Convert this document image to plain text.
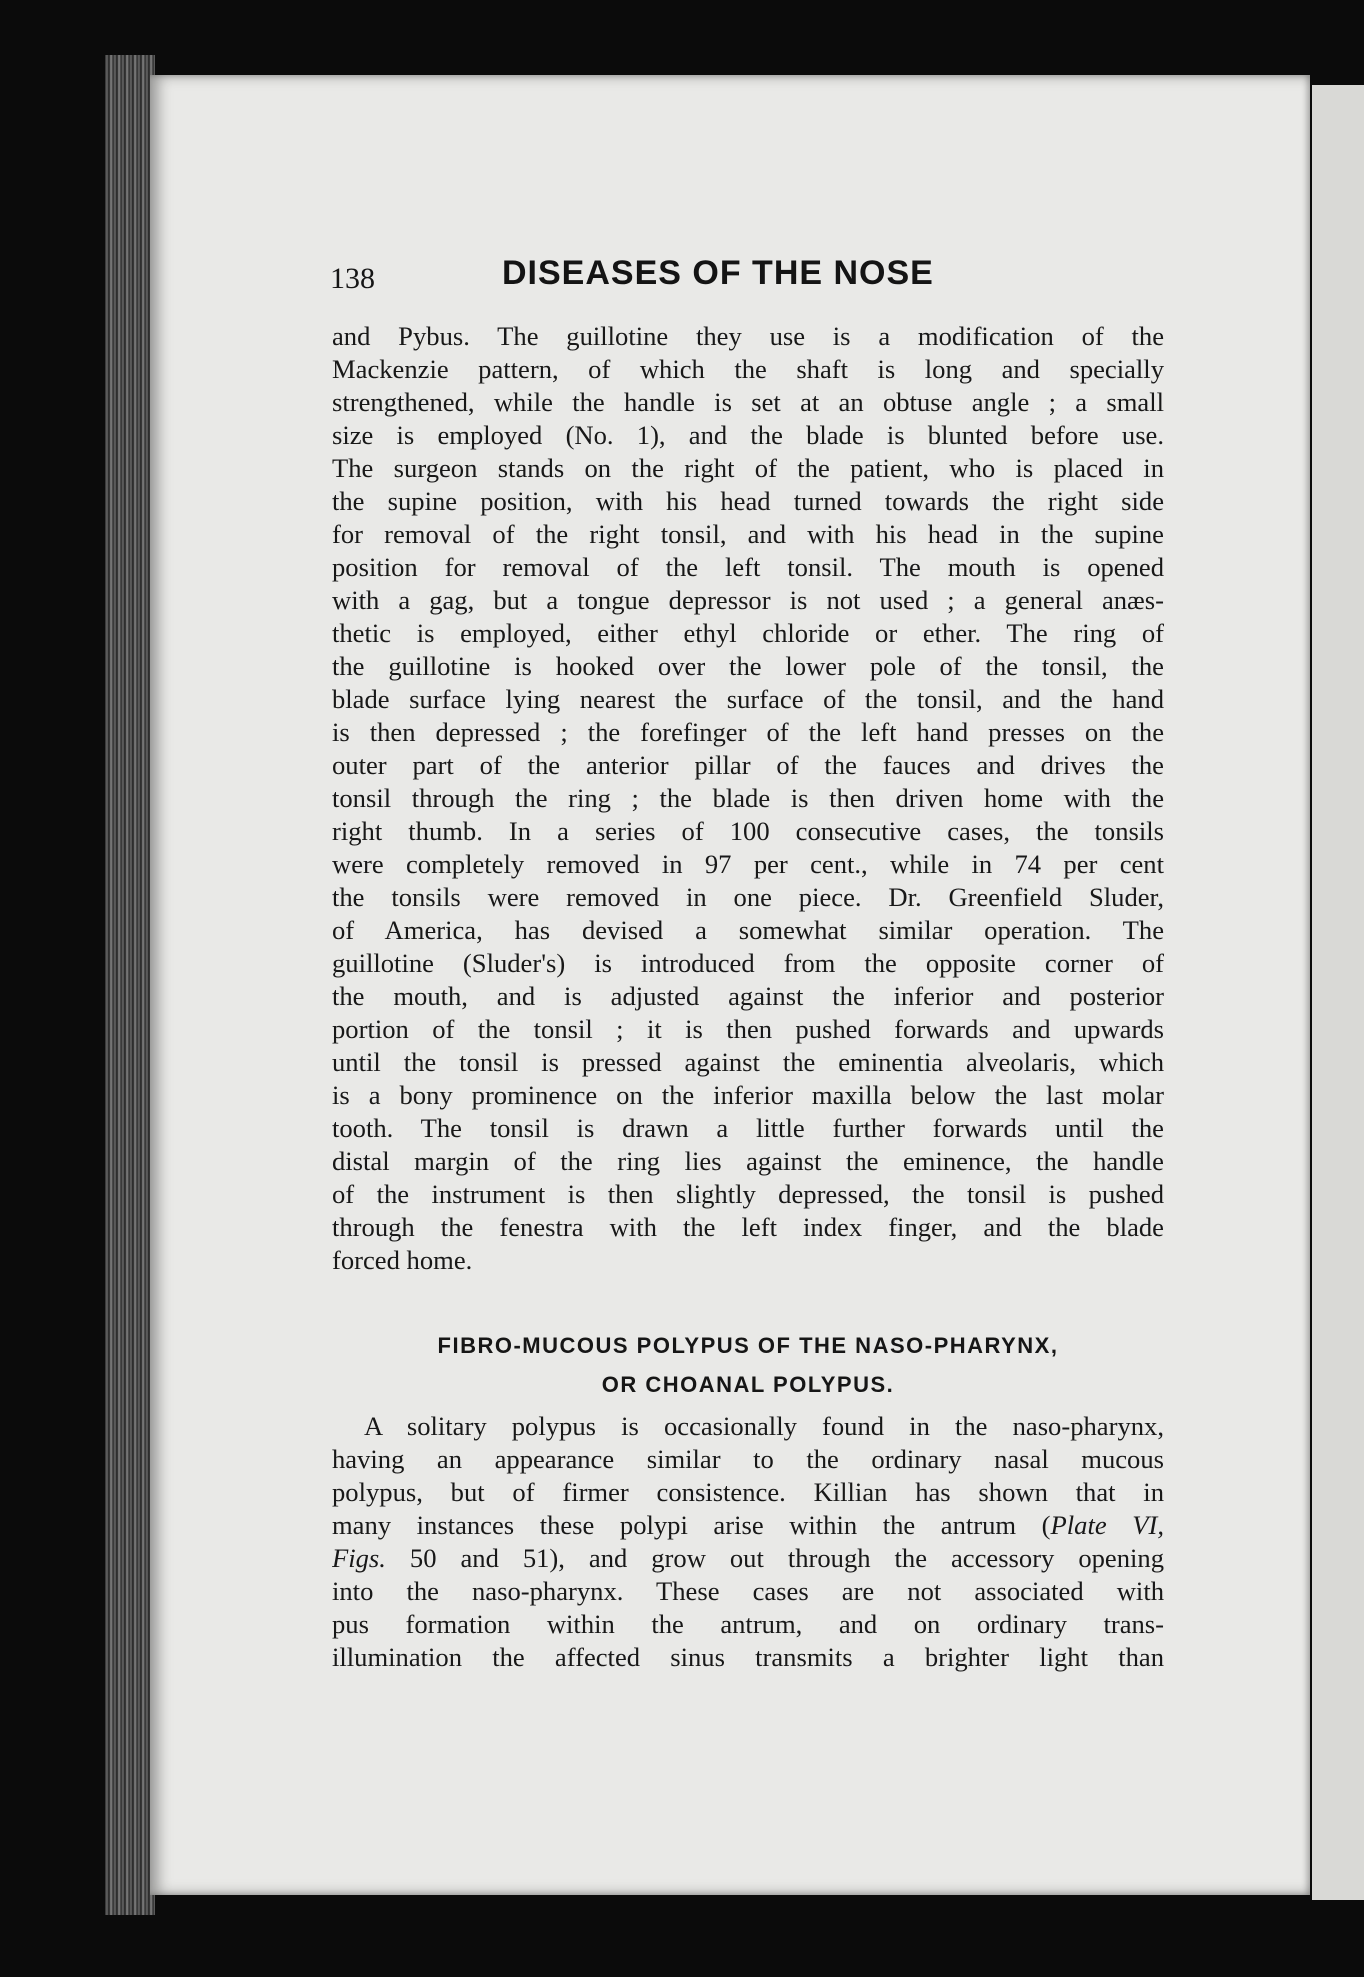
138	DISEASES OF THE NOSE
and Pybus. The guillotine they use is a modification of the
Mackenzie pattern, of which the shaft is long and specially
strengthened, while the handle is set at an obtuse angle ; a small
size is employed (No. 1), and the blade is blunted before use.
The surgeon stands on the right of the patient, who is placed in
the supine position, with his head turned towards the right side
for removal of the right tonsil, and with his head in the supine
position for removal of the left tonsil. The mouth is opened
with a gag, but a tongue depressor is not used ; a general anæs-
thetic is employed, either ethyl chloride or ether. The ring of
the guillotine is hooked over the lower pole of the tonsil, the
blade surface lying nearest the surface of the tonsil, and the hand
is then depressed ; the forefinger of the left hand presses on the
outer part of the anterior pillar of the fauces and drives the
tonsil through the ring ; the blade is then driven home with the
right thumb. In a series of 100 consecutive cases, the tonsils
were completely removed in 97 per cent., while in 74 per cent
the tonsils were removed in one piece. Dr. Greenfield Sluder,
of America, has devised a somewhat similar operation. The
guillotine (Sluder's) is introduced from the opposite corner of
the mouth, and is adjusted against the inferior and posterior
portion of the tonsil ; it is then pushed forwards and upwards
until the tonsil is pressed against the eminentia alveolaris, which
is a bony prominence on the inferior maxilla below the last molar
tooth. The tonsil is drawn a little further forwards until the
distal margin of the ring lies against the eminence, the handle
of the instrument is then slightly depressed, the tonsil is pushed
through the fenestra with the left index finger, and the blade
forced home.
FIBRO-MUCOUS POLYPUS OF THE NASO-PHARYNX,
OR CHOANAL POLYPUS.
A solitary polypus is occasionally found in the naso-pharynx,
having an appearance similar to the ordinary nasal mucous
polypus, but of firmer consistence. Killian has shown that in
many instances these polypi arise within the antrum (Plate VI,
Figs. 50 and 51), and grow out through the accessory opening
into the naso-pharynx. These cases are not associated with
pus formation within the antrum, and on ordinary trans-
illumination the affected sinus transmits a brighter light than
